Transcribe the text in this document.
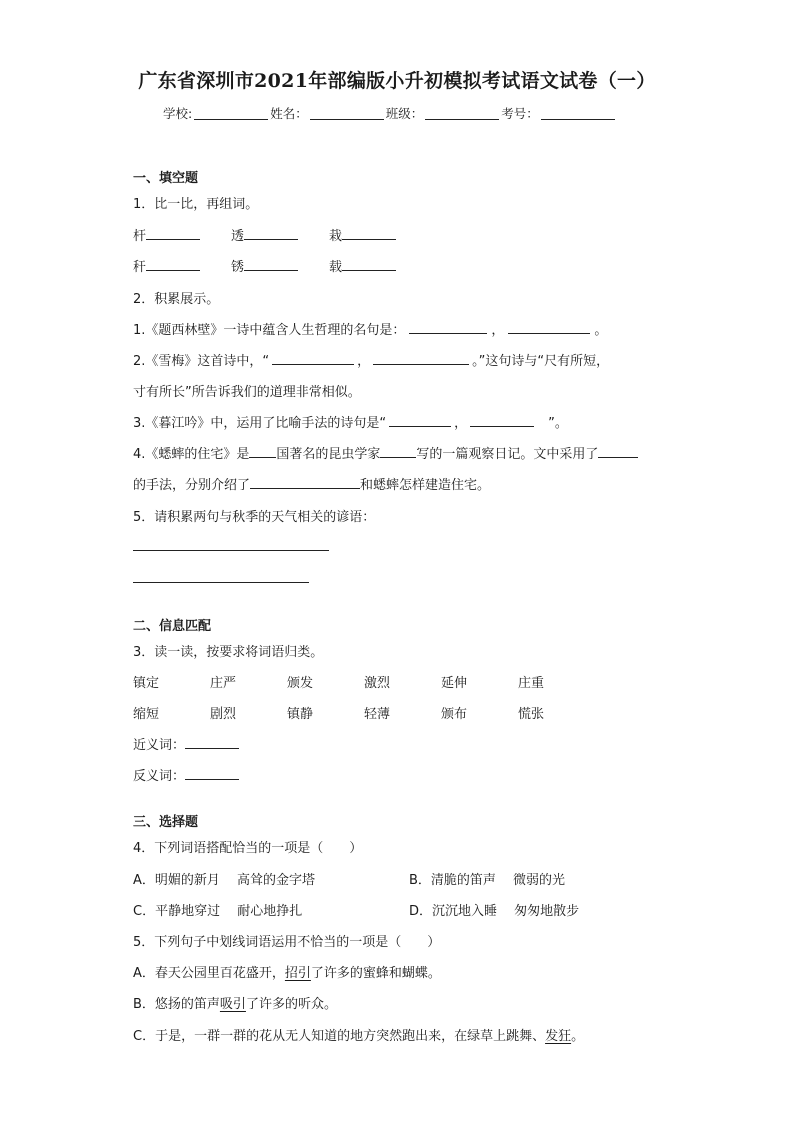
广东省深圳市2021年部编版小升初模拟考试语文试卷（一）
学校:	姓名：	班级：	考号：
一、填空题
1．比一比，再组词。
杆	透	栽
秆	锈	载
2．积累展示。
1.《题西林壁》一诗中蕴含人生哲理的名句是：	，	。
2.《雪梅》这首诗中，“	，	。”这句诗与“尺有所短，
寸有所长”所告诉我们的道理非常相似。
3.《暮江吟》中，运用了比喻手法的诗句是“	，	”。
4.《蟋蟀的住宅》是 国著名的昆虫学家	写的一篇观察日记。文中采用了
的手法，分别介绍了	和蟋蟀怎样建造住宅。
5．请积累两句与秋季的天气相关的谚语：
二、信息匹配
3．读一读，按要求将词语归类。
镇定	庄严	颁发	激烈	延伸	庄重
缩短	剧烈	镇静	轻薄	颁布	慌张
近义词：
反义词：
三、选择题
4．下列词语搭配恰当的一项是（　　）
A．明媚的新月　 高耸的金字塔	B．清脆的笛声　 微弱的光
C．平静地穿过　 耐心地挣扎	D．沉沉地入睡　 匆匆地散步
5．下列句子中划线词语运用不恰当的一项是（　　）
A．春天公园里百花盛开，招引了许多的蜜蜂和蝴蝶。
B．悠扬的笛声吸引了许多的听众。
C．于是，一群一群的花从无人知道的地方突然跑出来，在绿草上跳舞、发狂。
